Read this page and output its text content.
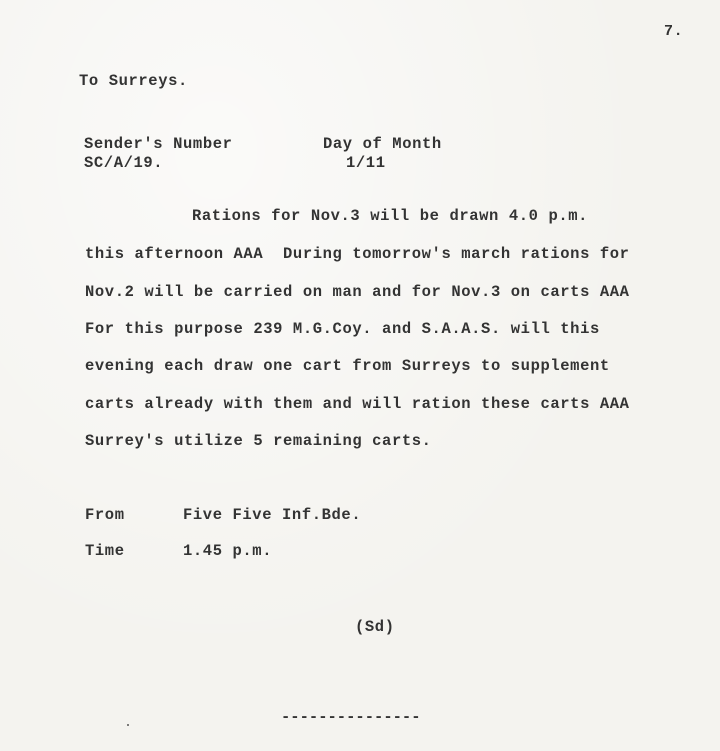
7.
To Surreys.
Sender's Number
SC/A/19.
Day of Month
1/11
Rations for Nov.3 will be drawn 4.0 p.m.
this afternoon AAA  During tomorrow's march rations for
Nov.2 will be carried on man and for Nov.3 on carts AAA
For this purpose 239 M.G.Coy. and S.A.A.S. will this
evening each draw one cart from Surreys to supplement
carts already with them and will ration these carts AAA
Surrey's utilize 5 remaining carts.
From	Five Five Inf.Bde.
Time	1.45 p.m.
(Sd)
---------------
